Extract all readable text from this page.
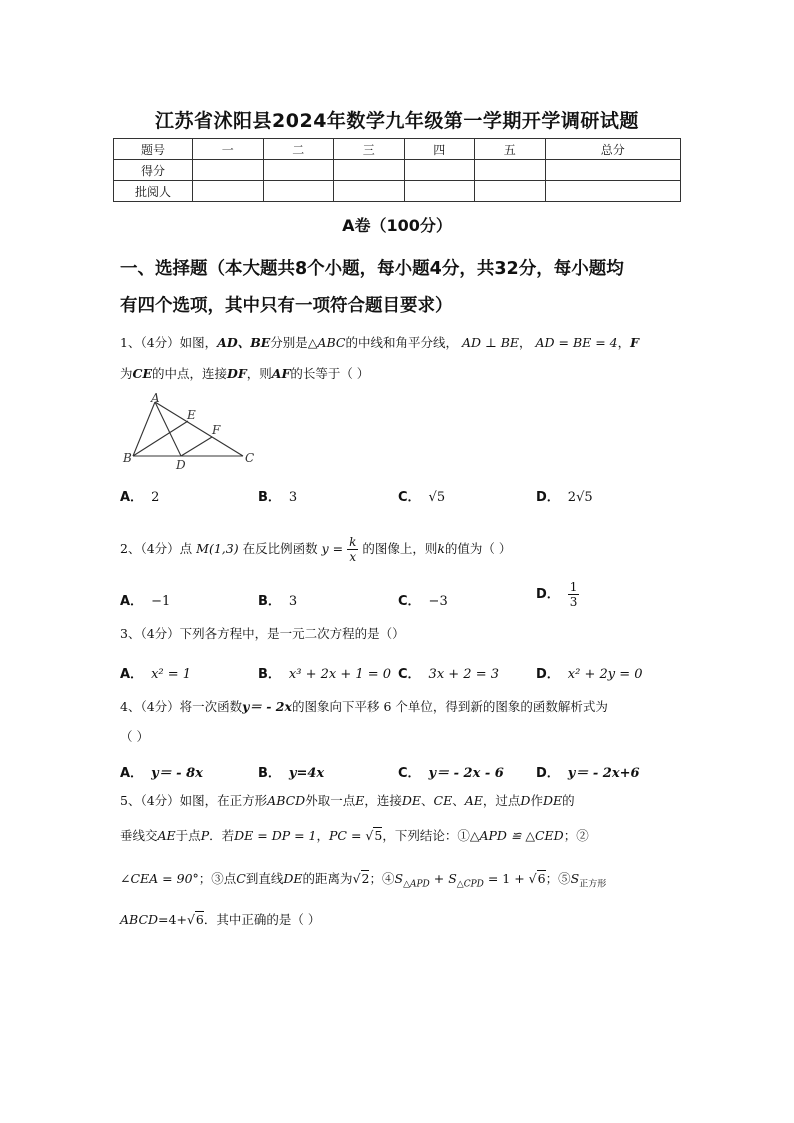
江苏省沭阳县2024年数学九年级第一学期开学调研试题
题号	一	二	三	四	五	总分
得分						
批阅人						
A卷（100分）
一、选择题（本大题共8个小题，每小题4分，共32分，每小题均
有四个选项，其中只有一项符合题目要求）
1、（4分）如图，AD、BE分别是△ABC的中线和角平分线， AD ⊥ BE， AD = BE = 4，F
为CE的中点，连接DF，则AF的长等于（ ）
A
E
F
B	D	C
A． 2	B． 3	C． √5	D． 2√5
2、（4分）点 M(1,3) 在反比例函数 $y = \frac{k}{x}$ 的图像上，则k的值为（ ）
A． −1	B． 3	C． −3	D． $\frac{1}{3}$
3、（4分）下列各方程中，是一元二次方程的是（）
A． x² = 1	B． x³ + 2x + 1 = 0 C． 3x + 2 = 3	D． x² + 2y = 0
4、（4分）将一次函数y＝ - 2x的图象向下平移 6 个单位，得到新的图象的函数解析式为
（ ）
A． y＝ - 8x	B． y=4x	C． y＝ - 2x - 6 D． y＝ - 2x+6
5、（4分）如图，在正方形ABCD外取一点E，连接DE、CE、AE，过点D作DE的
垂线交AE于点P．若DE = DP = 1，PC = √5，下列结论：①△APD ≌ △CED；②
∠CEA = 90°；③点C到直线DE的距离为√2；$④S_{\triangle APD} + S_{\triangle CPD} = 1 + √6$；$⑤S_{正方形}$
ABCD=4+√6．其中正确的是（ ）
